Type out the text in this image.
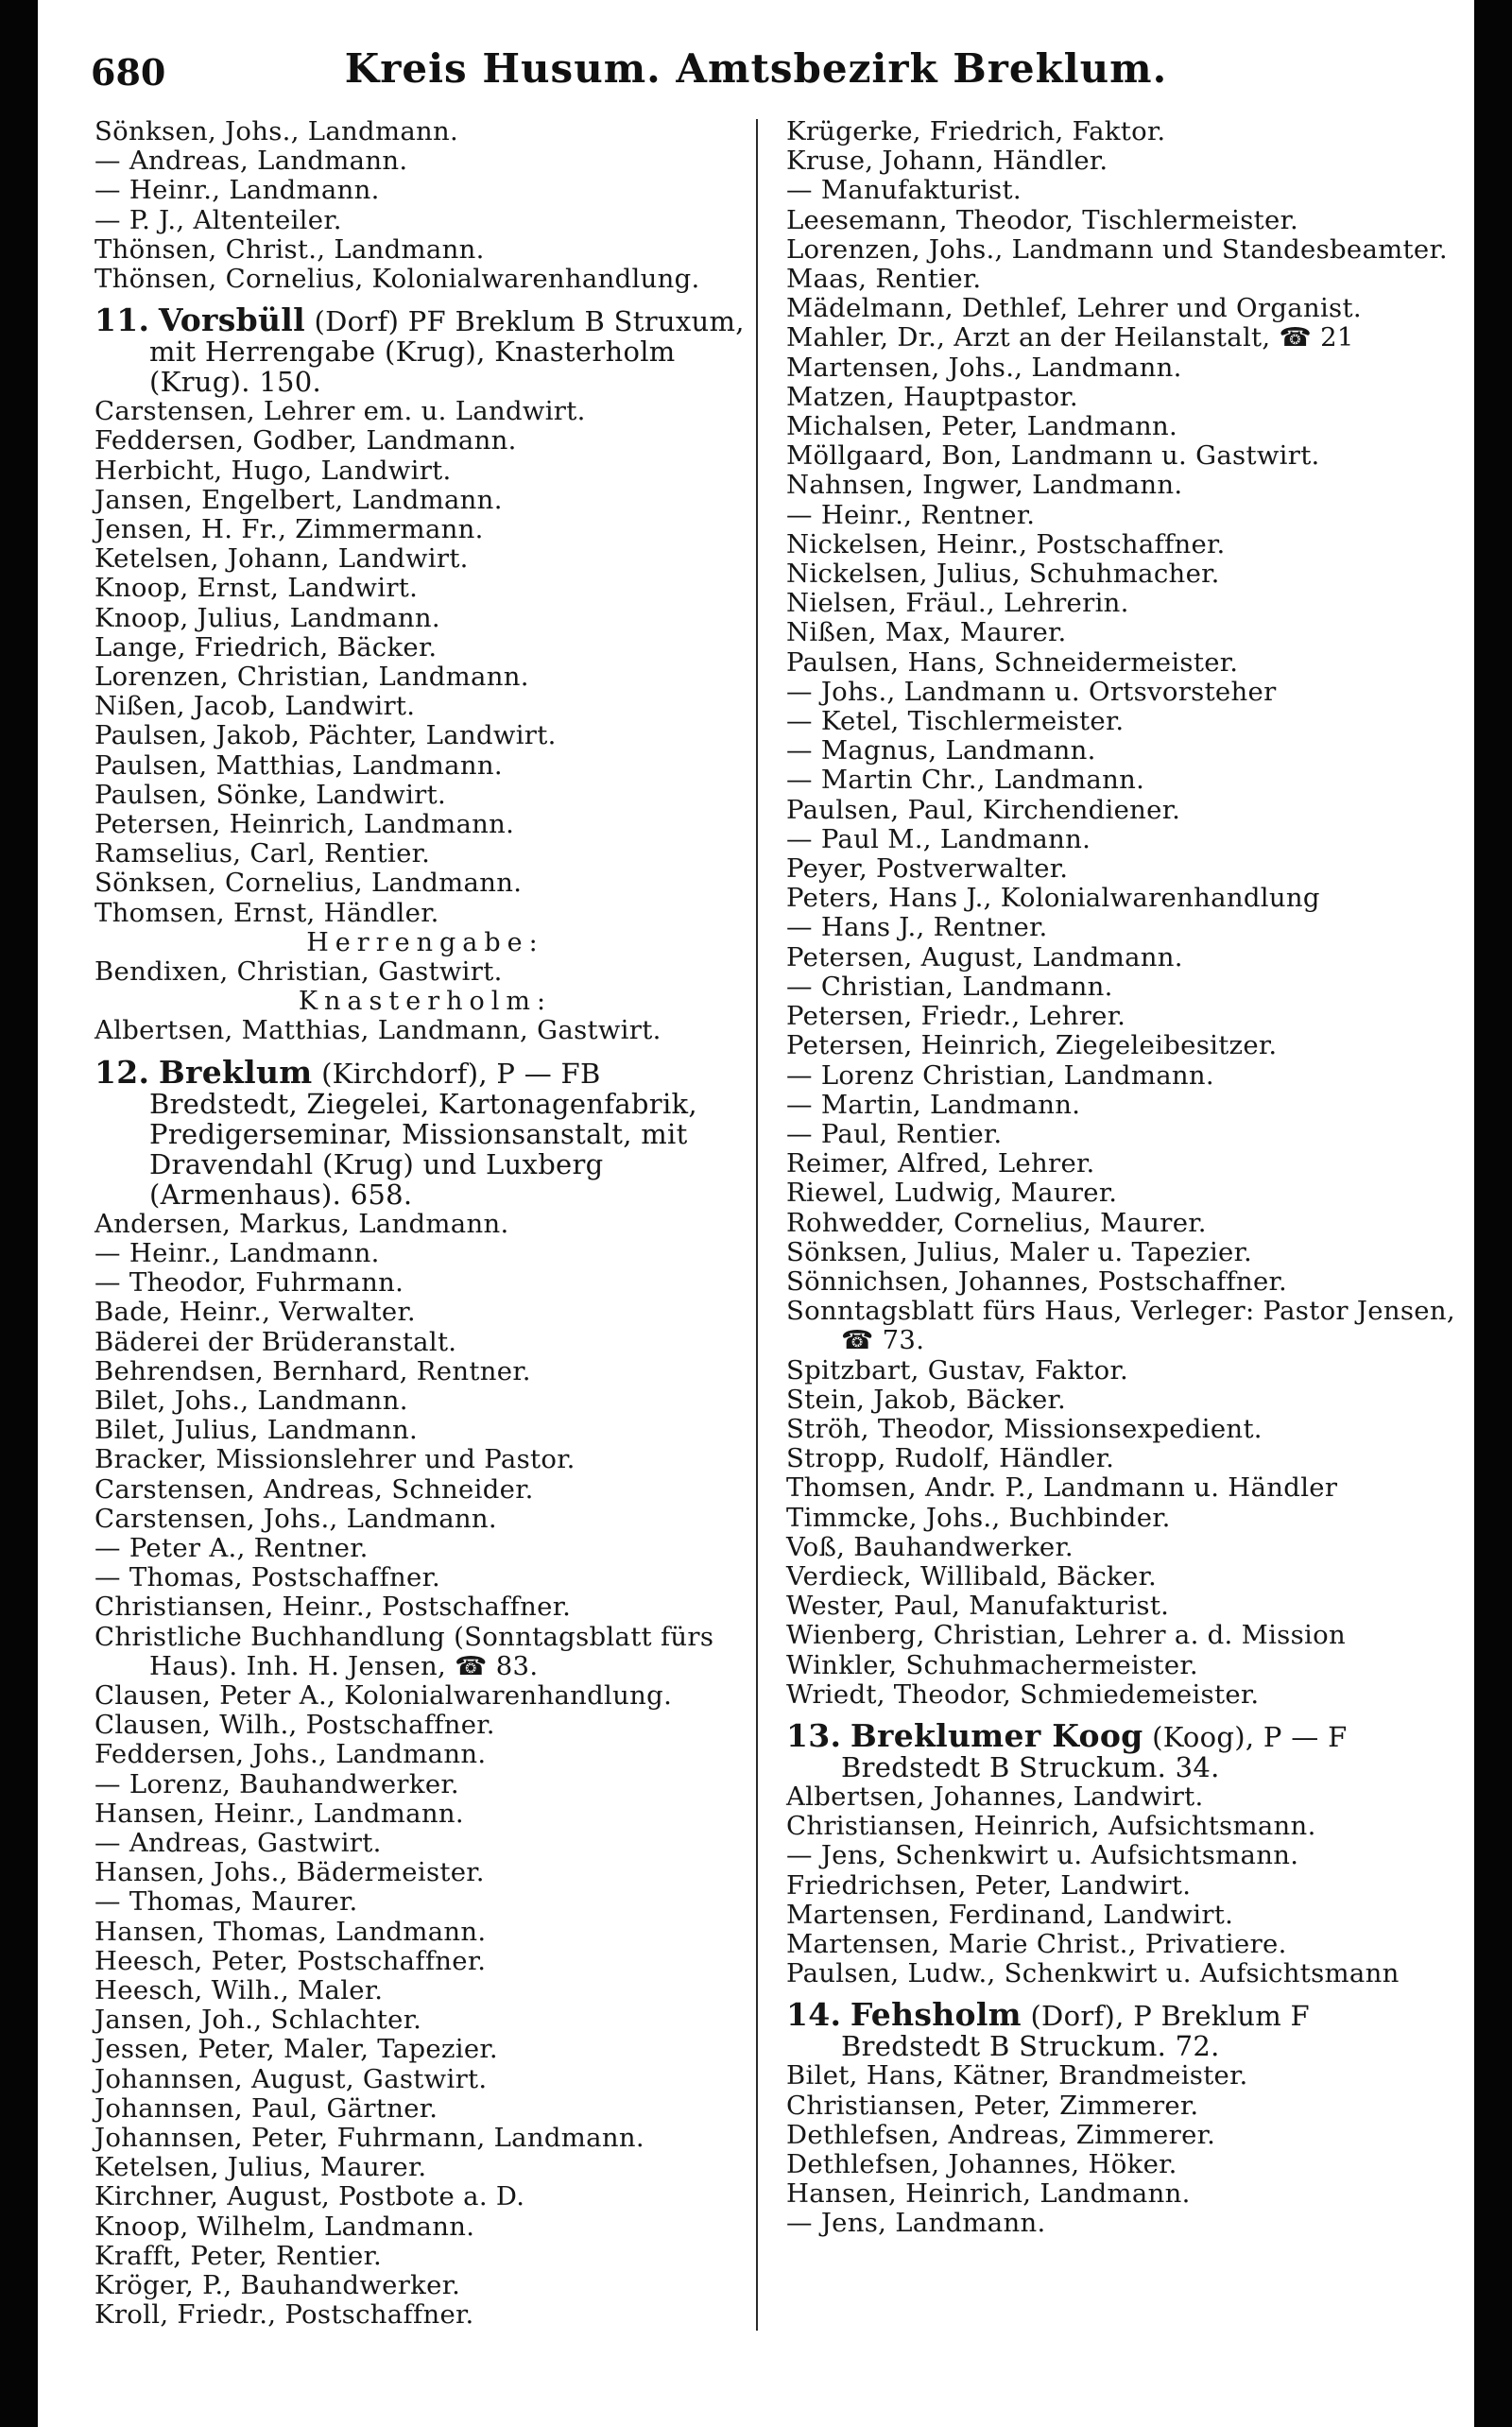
680	Kreis Husum. Amtsbezirk Breklum.
Sönksen, Johs., Landmann.
— Andreas, Landmann.
— Heinr., Landmann.
— P. J., Altenteiler.
Thönsen, Christ., Landmann.
Thönsen, Cornelius, Kolonialwarenhandlung.
11. Vorsbüll (Dorf) PF Breklum B Struxum, mit Herrengabe (Krug), Knasterholm (Krug). 150.
Carstensen, Lehrer em. u. Landwirt.
Feddersen, Godber, Landmann.
Herbicht, Hugo, Landwirt.
Jansen, Engelbert, Landmann.
Jensen, H. Fr., Zimmermann.
Ketelsen, Johann, Landwirt.
Knoop, Ernst, Landwirt.
Knoop, Julius, Landmann.
Lange, Friedrich, Bäcker.
Lorenzen, Christian, Landmann.
Nißen, Jacob, Landwirt.
Paulsen, Jakob, Pächter, Landwirt.
Paulsen, Matthias, Landmann.
Paulsen, Sönke, Landwirt.
Petersen, Heinrich, Landmann.
Ramselius, Carl, Rentier.
Sönksen, Cornelius, Landmann.
Thomsen, Ernst, Händler.
Herrengabe:
Bendixen, Christian, Gastwirt.
Knasterholm:
Albertsen, Matthias, Landmann, Gastwirt.
12. Breklum (Kirchdorf), P — FB Bredstedt, Ziegelei, Kartonagenfabrik, Predigerseminar, Missionsanstalt, mit Dravendahl (Krug) und Luxberg (Armenhaus). 658.
Andersen, Markus, Landmann.
— Heinr., Landmann.
— Theodor, Fuhrmann.
Bade, Heinr., Verwalter.
Bäderei der Brüderanstalt.
Behrendsen, Bernhard, Rentner.
Bilet, Johs., Landmann.
Bilet, Julius, Landmann.
Bracker, Missionslehrer und Pastor.
Carstensen, Andreas, Schneider.
Carstensen, Johs., Landmann.
— Peter A., Rentner.
— Thomas, Postschaffner.
Christiansen, Heinr., Postschaffner.
Christliche Buchhandlung (Sonntagsblatt fürs Haus). Inh. H. Jensen, ☎ 83.
Clausen, Peter A., Kolonialwarenhandlung.
Clausen, Wilh., Postschaffner.
Feddersen, Johs., Landmann.
— Lorenz, Bauhandwerker.
Hansen, Heinr., Landmann.
— Andreas, Gastwirt.
Hansen, Johs., Bädermeister.
— Thomas, Maurer.
Hansen, Thomas, Landmann.
Heesch, Peter, Postschaffner.
Heesch, Wilh., Maler.
Jansen, Joh., Schlachter.
Jessen, Peter, Maler, Tapezier.
Johannsen, August, Gastwirt.
Johannsen, Paul, Gärtner.
Johannsen, Peter, Fuhrmann, Landmann.
Ketelsen, Julius, Maurer.
Kirchner, August, Postbote a. D.
Knoop, Wilhelm, Landmann.
Krafft, Peter, Rentier.
Kröger, P., Bauhandwerker.
Kroll, Friedr., Postschaffner.
Krügerke, Friedrich, Faktor.
Kruse, Johann, Händler.
— Manufakturist.
Leesemann, Theodor, Tischlermeister.
Lorenzen, Johs., Landmann und Standesbeamter.
Maas, Rentier.
Mädelmann, Dethlef, Lehrer und Organist.
Mahler, Dr., Arzt an der Heilanstalt, ☎ 21
Martensen, Johs., Landmann.
Matzen, Hauptpastor.
Michalsen, Peter, Landmann.
Möllgaard, Bon, Landmann u. Gastwirt.
Nahnsen, Ingwer, Landmann.
— Heinr., Rentner.
Nickelsen, Heinr., Postschaffner.
Nickelsen, Julius, Schuhmacher.
Nielsen, Fräul., Lehrerin.
Nißen, Max, Maurer.
Paulsen, Hans, Schneidermeister.
— Johs., Landmann u. Ortsvorsteher
— Ketel, Tischlermeister.
— Magnus, Landmann.
— Martin Chr., Landmann.
Paulsen, Paul, Kirchendiener.
— Paul M., Landmann.
Peyer, Postverwalter.
Peters, Hans J., Kolonialwarenhandlung
— Hans J., Rentner.
Petersen, August, Landmann.
— Christian, Landmann.
Petersen, Friedr., Lehrer.
Petersen, Heinrich, Ziegeleibesitzer.
— Lorenz Christian, Landmann.
— Martin, Landmann.
— Paul, Rentier.
Reimer, Alfred, Lehrer.
Riewel, Ludwig, Maurer.
Rohwedder, Cornelius, Maurer.
Sönksen, Julius, Maler u. Tapezier.
Sönnichsen, Johannes, Postschaffner.
Sonntagsblatt fürs Haus, Verleger: Pastor Jensen, ☎ 73.
Spitzbart, Gustav, Faktor.
Stein, Jakob, Bäcker.
Ströh, Theodor, Missionsexpedient.
Stropp, Rudolf, Händler.
Thomsen, Andr. P., Landmann u. Händler
Timmcke, Johs., Buchbinder.
Voß, Bauhandwerker.
Verdieck, Willibald, Bäcker.
Wester, Paul, Manufakturist.
Wienberg, Christian, Lehrer a. d. Mission
Winkler, Schuhmachermeister.
Wriedt, Theodor, Schmiedemeister.
13. Breklumer Koog (Koog), P — F Bredstedt B Struckum. 34.
Albertsen, Johannes, Landwirt.
Christiansen, Heinrich, Aufsichtsmann.
— Jens, Schenkwirt u. Aufsichtsmann.
Friedrichsen, Peter, Landwirt.
Martensen, Ferdinand, Landwirt.
Martensen, Marie Christ., Privatiere.
Paulsen, Ludw., Schenkwirt u. Aufsichtsmann
14. Fehsholm (Dorf), P Breklum F Bredstedt B Struckum. 72.
Bilet, Hans, Kätner, Brandmeister.
Christiansen, Peter, Zimmerer.
Dethlefsen, Andreas, Zimmerer.
Dethlefsen, Johannes, Höker.
Hansen, Heinrich, Landmann.
— Jens, Landmann.
